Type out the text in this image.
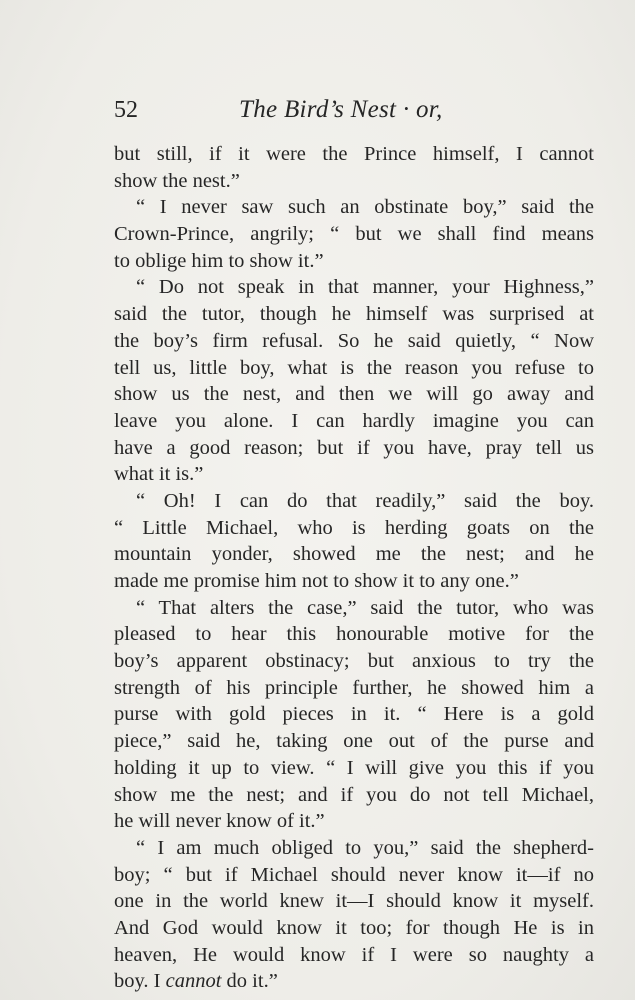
52	The Bird’s Nest · or,
but still, if it were the Prince himself, I cannot
show the nest.”
“ I never saw such an obstinate boy,” said the
Crown-Prince, angrily; “ but we shall find means
to oblige him to show it.”
“ Do not speak in that manner, your Highness,”
said the tutor, though he himself was surprised at
the boy’s firm refusal. So he said quietly, “ Now
tell us, little boy, what is the reason you refuse to
show us the nest, and then we will go away and
leave you alone. I can hardly imagine you can
have a good reason; but if you have, pray tell us
what it is.”
“ Oh! I can do that readily,” said the boy.
“ Little Michael, who is herding goats on the
mountain yonder, showed me the nest; and he
made me promise him not to show it to any one.”
“ That alters the case,” said the tutor, who was
pleased to hear this honourable motive for the
boy’s apparent obstinacy; but anxious to try the
strength of his principle further, he showed him a
purse with gold pieces in it. “ Here is a gold
piece,” said he, taking one out of the purse and
holding it up to view. “ I will give you this if you
show me the nest; and if you do not tell Michael,
he will never know of it.”
“ I am much obliged to you,” said the shepherd-
boy; “ but if Michael should never know it—if no
one in the world knew it—I should know it myself.
And God would know it too; for though He is in
heaven, He would know if I were so naughty a
boy. I cannot do it.”
